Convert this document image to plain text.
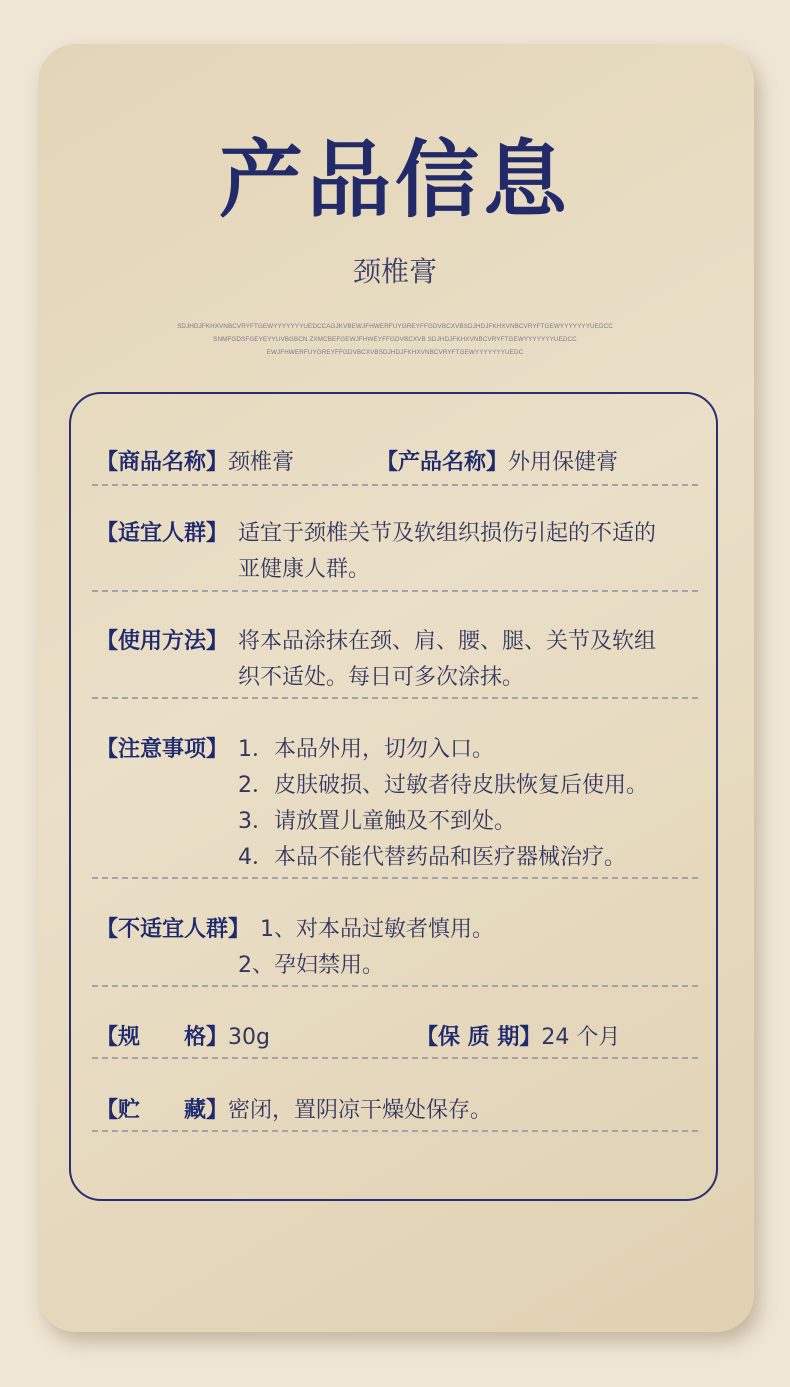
产品信息
颈椎膏
SDJHDJFKHXVNBCVRYFTGEWYYYYYYYUEDCCAGJKVBEWJFHWERFUYGREYFFGDVBCXVBSDJHDJFKHXVNBCVRYFTGEWYYYYYYYUEDCC
SNMFGDSFGEYEYYUVBGBCN ZXMCBEFGEWJFHWEYFFGDVBCXVB SDJHDJFKHXVNBCVRYFTGEWYYYYYYYUEDCC
EWJFHWERFUYGREYFFGDVBCXVBSDJHDJFKHXVNBCVRYFTGEWYYYYYYYUEDC
【商品名称】颈椎膏	【产品名称】外用保健膏
【适宜人群】 适宜于颈椎关节及软组织损伤引起的不适的
亚健康人群。
【使用方法】 将本品涂抹在颈、肩、腰、腿、关节及软组
织不适处。每日可多次涂抹。
【注意事项】 1．本品外用，切勿入口。
2．皮肤破损、过敏者待皮肤恢复后使用。
3．请放置儿童触及不到处。
4．本品不能代替药品和医疗器械治疗。
【不适宜人群】 1、对本品过敏者慎用。
2、孕妇禁用。
【规　　格】30g	【保 质 期】24 个月
【贮　　藏】密闭，置阴凉干燥处保存。
